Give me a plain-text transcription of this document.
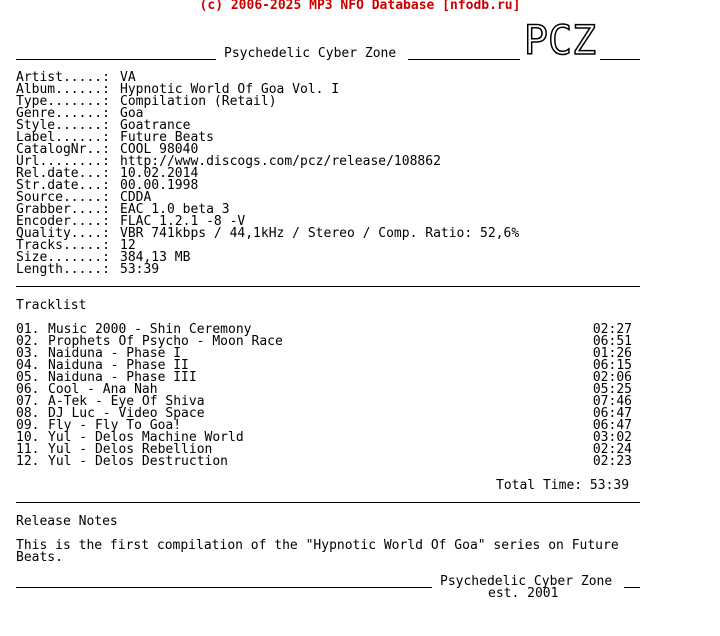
(c) 2006-2025 MP3 NFO Database [nfodb.ru]
Psychedelic Cyber Zone	PCZ
Artist.....: VA
Album......: Hypnotic World Of Goa Vol. I
Type.......: Compilation (Retail)
Genre......: Goa
Style......: Goatrance
Label......: Future Beats
CatalogNr..: COOL 98040
Url........: http://www.discogs.com/pcz/release/108862
Rel.date...: 10.02.2014
Str.date...: 00.00.1998
Source.....: CDDA
Grabber....: EAC 1.0 beta 3
Encoder....: FLAC 1.2.1 -8 -V
Quality....: VBR 741kbps / 44,1kHz / Stereo / Comp. Ratio: 52,6%
Tracks.....: 12
Size.......: 384,13 MB
Length.....: 53:39
Tracklist
01. Music 2000 - Shin Ceremony	02:27
02. Prophets Of Psycho - Moon Race	06:51
03. Naiduna - Phase I	01:26
04. Naiduna - Phase II	06:15
05. Naiduna - Phase III	02:06
06. Cool - Ana Nah	05:25
07. A-Tek - Eye Of Shiva	07:46
08. DJ Luc - Video Space	06:47
09. Fly - Fly To Goa!	06:47
10. Yul - Delos Machine World	03:02
11. Yul - Delos Rebellion	02:24
12. Yul - Delos Destruction	02:23
Total Time: 53:39
Release Notes
This is the first compilation of the "Hypnotic World Of Goa" series on Future
Beats.
Psychedelic Cyber Zone
est. 2001
